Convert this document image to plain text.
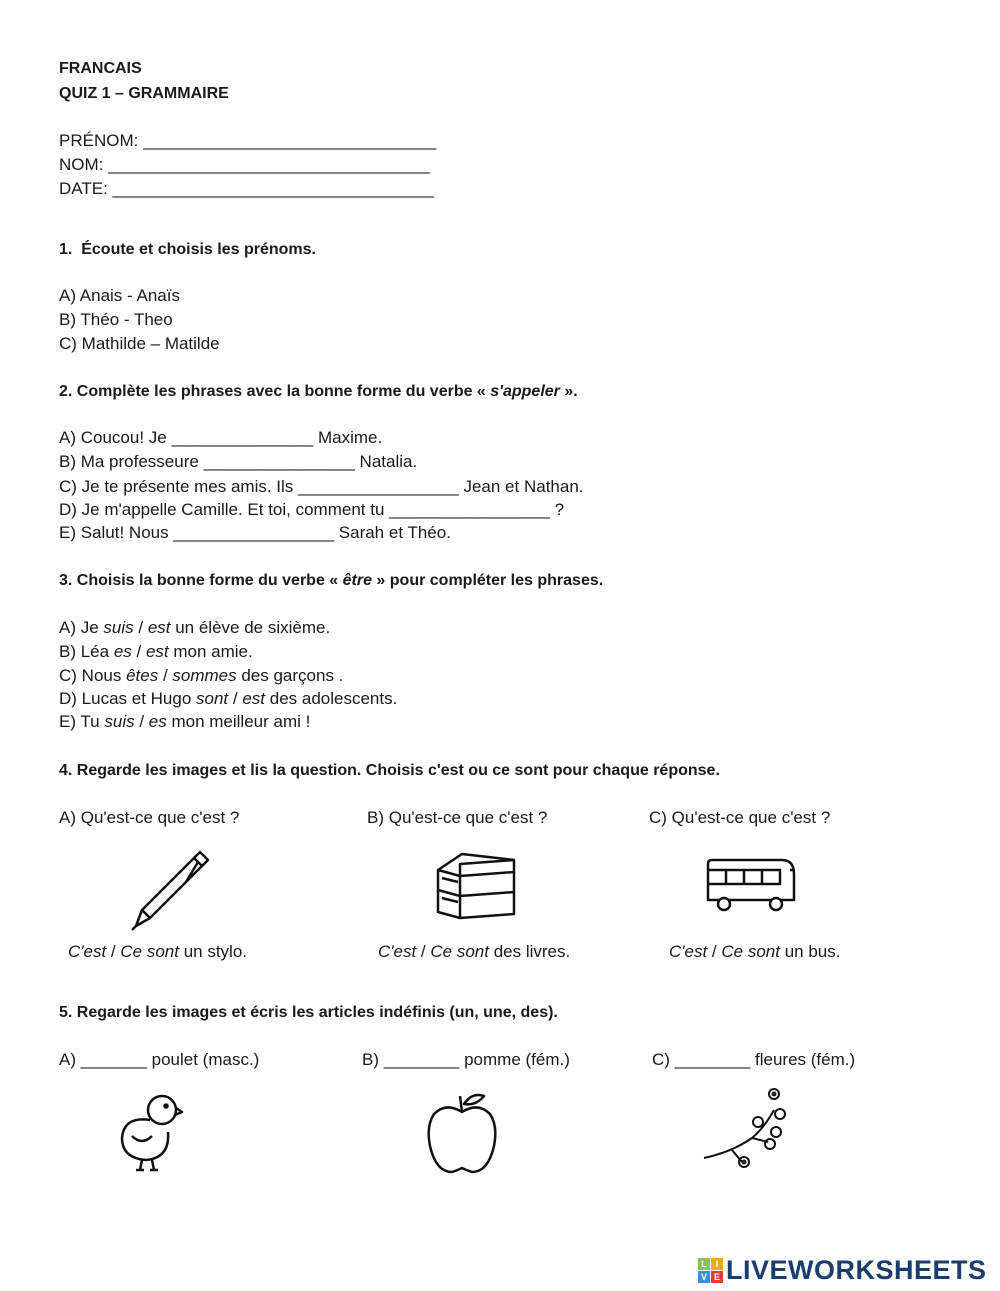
FRANCAIS
QUIZ 1 – GRAMMAIRE
PRÉNOM: _______________________________
NOM: __________________________________
DATE: __________________________________
1.  Écoute et choisis les prénoms.
A) Anais - Anaïs
B) Théo - Theo
C) Mathilde – Matilde
2. Complète les phrases avec la bonne forme du verbe « s'appeler ».
A) Coucou! Je _______________ Maxime.
B) Ma professeure ________________ Natalia.
C) Je te présente mes amis. Ils _________________ Jean et Nathan.
D) Je m'appelle Camille. Et toi, comment tu _________________ ?
E) Salut! Nous _________________ Sarah et Théo.
3. Choisis la bonne forme du verbe « être » pour compléter les phrases.
A) Je suis / est un élève de sixième.
B) Léa es / est mon amie.
C) Nous êtes / sommes des garçons .
D) Lucas et Hugo sont / est des adolescents.
E) Tu suis / es mon meilleur ami !
4. Regarde les images et lis la question. Choisis c'est ou ce sont pour chaque réponse.
A) Qu'est-ce que c'est ?	B) Qu'est-ce que c'est ?	C) Qu'est-ce que c'est ?
C'est / Ce sont un stylo.	C'est / Ce sont des livres.	C'est / Ce sont un bus.
5. Regarde les images et écris les articles indéfinis (un, une, des).
A) _______ poulet (masc.)	B) ________ pomme (fém.)	C) ________ fleures (fém.)
L I
V E LIVEWORKSHEETS
